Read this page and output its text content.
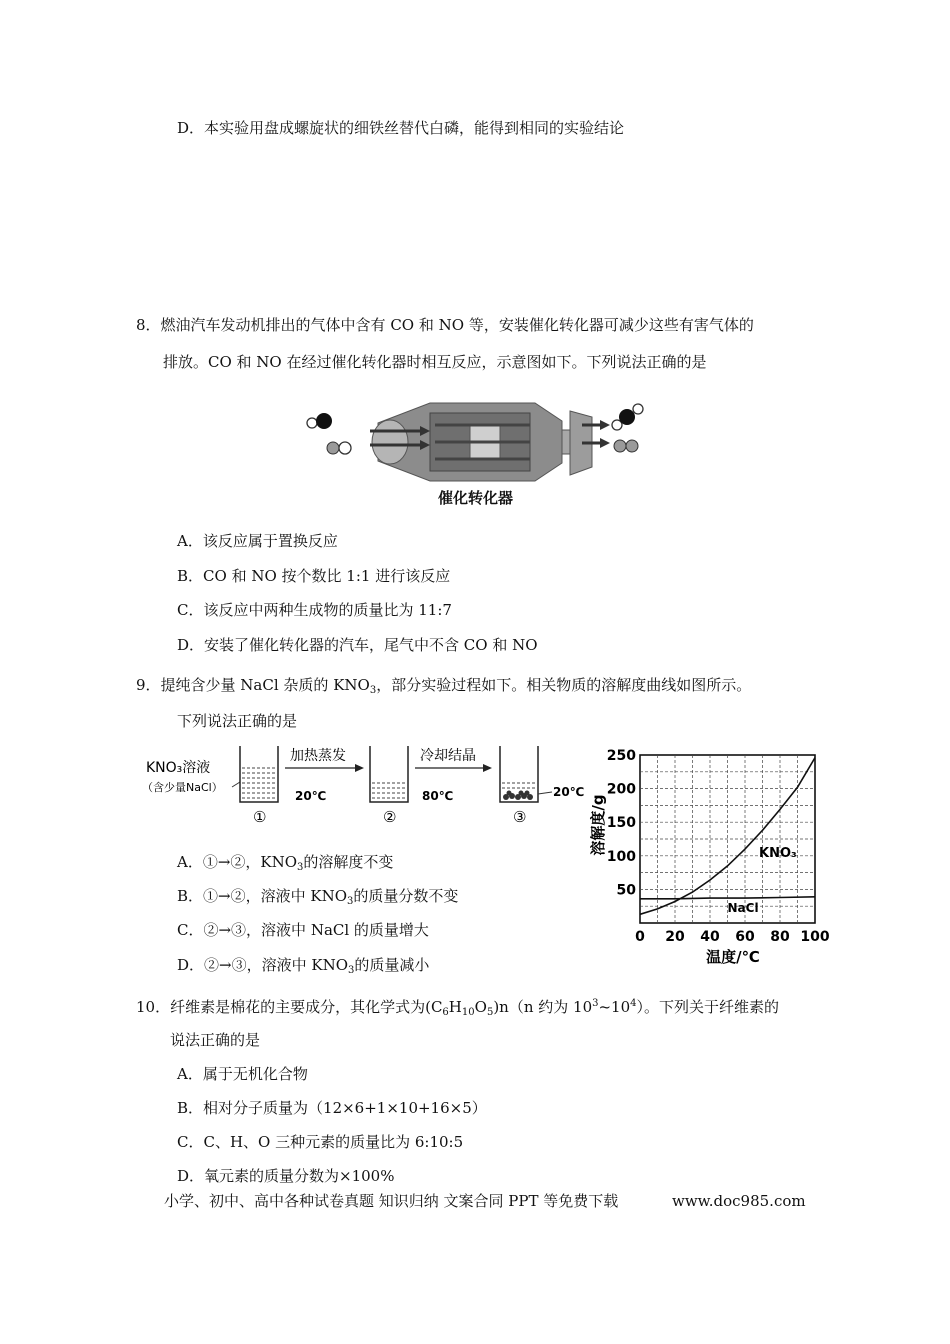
D．本实验用盘成螺旋状的细铁丝替代白磷，能得到相同的实验结论
8．燃油汽车发动机排出的气体中含有 CO 和 NO 等，安装催化转化器可减少这些有害气体的
排放。CO 和 NO 在经过催化转化器时相互反应，示意图如下。下列说法正确的是
催化转化器
A．该反应属于置换反应
B．CO 和 NO 按个数比 1:1 进行该反应
C．该反应中两种生成物的质量比为 11:7
D．安装了催化转化器的汽车，尾气中不含 CO 和 NO
9．提纯含少量 NaCl 杂质的 $KNO_3$，部分实验过程如下。相关物质的溶解度曲线如图所示。
下列说法正确的是
KNO₃溶液
（含少量NaCl）
20℃
①
加热蒸发
80℃
②
冷却结晶
20℃
③
A．①→②，$KNO_3$的溶解度不变
B．①→②，溶液中 $KNO_3$的质量分数不变
C．②→③，溶液中 NaCl 的质量增大
D．②→③，溶液中 $KNO_3$的质量减小
KNO₃
NaCl
0 20 40 60 80 100
50
100
150
200
250
溶解度/g
温度/℃
10．纤维素是棉花的主要成分，其化学式为$(C_6H_{10}O_5)n(n$ 约为 $10^3\sim 10^4$）。下列关于纤维素的
说法正确的是
A．属于无机化合物
B．相对分子质量为（12×6+1×10+16×5）
C．C、H、O 三种元素的质量比为 6:10:5
D．氧元素的质量分数为×100%
小学、初中、高中各种试卷真题 知识归纳 文案合同 PPT 等免费下载	www.doc985.com
